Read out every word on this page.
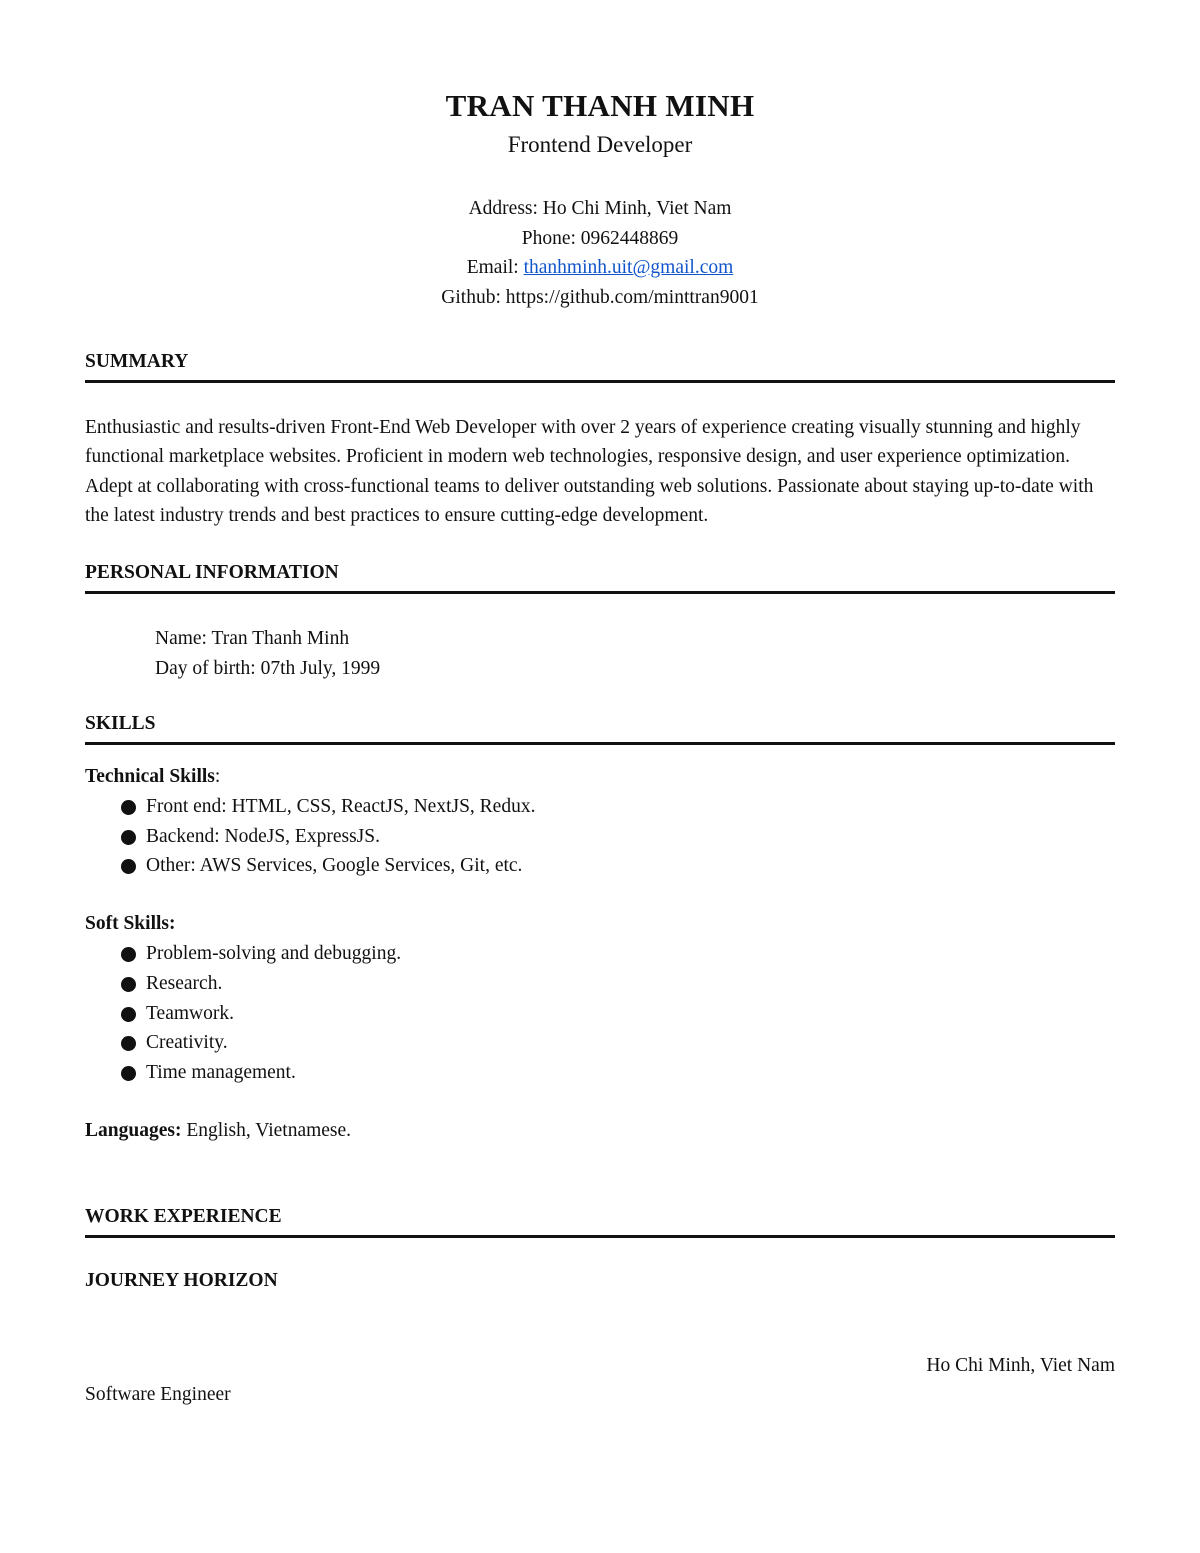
TRAN THANH MINH
Frontend Developer
Address: Ho Chi Minh, Viet Nam
Phone: 0962448869
Email: thanhminh.uit@gmail.com
Github: https://github.com/minttran9001
SUMMARY
Enthusiastic and results-driven Front-End Web Developer with over 2 years of experience creating visually stunning and highly functional marketplace websites. Proficient in modern web technologies, responsive design, and user experience optimization. Adept at collaborating with cross-functional teams to deliver outstanding web solutions. Passionate about staying up-to-date with the latest industry trends and best practices to ensure cutting-edge development.
PERSONAL INFORMATION
Name: Tran Thanh Minh
Day of birth: 07th July, 1999
SKILLS
Technical Skills:
Front end: HTML, CSS, ReactJS, NextJS, Redux.
Backend: NodeJS, ExpressJS.
Other: AWS Services, Google Services, Git, etc.
Soft Skills:
Problem-solving and debugging.
Research.
Teamwork.
Creativity.
Time management.
Languages: English, Vietnamese.
WORK EXPERIENCE
JOURNEY HORIZON
Ho Chi Minh, Viet Nam
Software Engineer
